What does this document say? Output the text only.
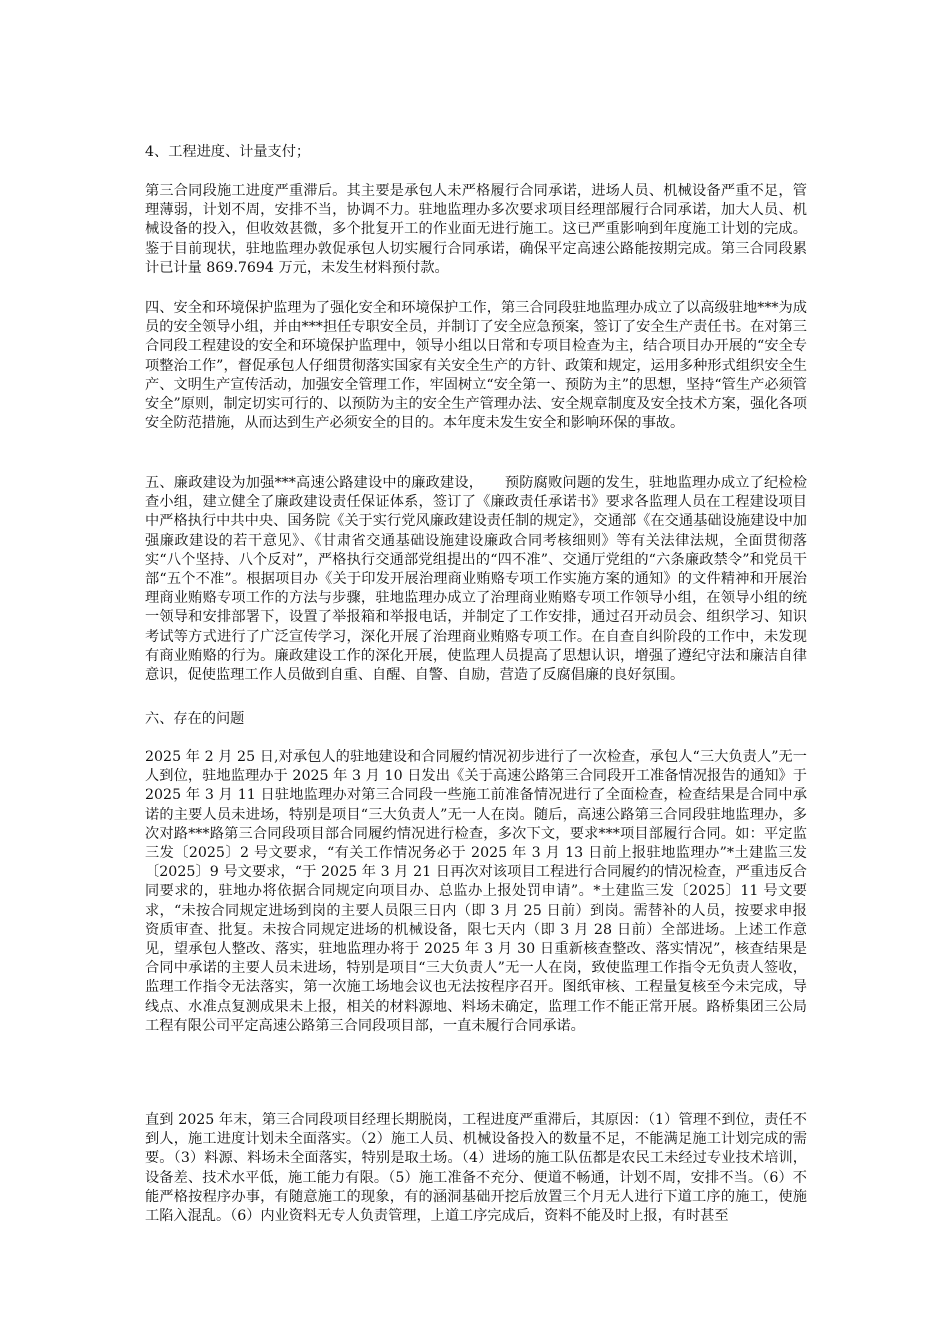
4、工程进度、计量支付；

第三合同段施工进度严重滞后。其主要是承包人未严格履行合同承诺，进场人员、机械设备严重不足，管理薄弱，计划不周，安排不当，协调不力。驻地监理办多次要求项目经理部履行合同承诺，加大人员、机械设备的投入，但收效甚微，多个批复开工的作业面无进行施工。这已严重影响到年度施工计划的完成。鉴于目前现状，驻地监理办敦促承包人切实履行合同承诺，确保平定高速公路能按期完成。第三合同段累计已计量 869.7694 万元，未发生材料预付款。

四、安全和环境保护监理为了强化安全和环境保护工作，第三合同段驻地监理办成立了以高级驻地***为成员的安全领导小组，并由***担任专职安全员，并制订了安全应急预案，签订了安全生产责任书。在对第三合同段工程建设的安全和环境保护监理中，领导小组以日常和专项目检查为主，结合项目办开展的“安全专项整治工作”，督促承包人仔细贯彻落实国家有关安全生产的方针、政策和规定，运用多种形式组织安全生产、文明生产宣传活动，加强安全管理工作，牢固树立“安全第一、预防为主”的思想，坚持“管生产必须管安全”原则，制定切实可行的、以预防为主的安全生产管理办法、安全规章制度及安全技术方案，强化各项安全防范措施，从而达到生产必须安全的目的。本年度未发生安全和影响环保的事故。

五、廉政建设为加强***高速公路建设中的廉政建设，　　预防腐败问题的发生，驻地监理办成立了纪检检查小组，建立健全了廉政建设责任保证体系，签订了《廉政责任承诺书》要求各监理人员在工程建设项目中严格执行中共中央、国务院《关于实行党风廉政建设责任制的规定》，交通部《在交通基础设施建设中加强廉政建设的若干意见》、《甘肃省交通基础设施建设廉政合同考核细则》等有关法律法规，全面贯彻落实“八个坚持、八个反对”，严格执行交通部党组提出的“四不准”、交通厅党组的“六条廉政禁令”和党员干部“五个不准”。根据项目办《关于印发开展治理商业贿赂专项工作实施方案的通知》的文件精神和开展治理商业贿赂专项工作的方法与步骤，驻地监理办成立了治理商业贿赂专项工作领导小组，在领导小组的统一领导和安排部署下，设置了举报箱和举报电话，并制定了工作安排，通过召开动员会、组织学习、知识考试等方式进行了广泛宣传学习，深化开展了治理商业贿赂专项工作。在自查自纠阶段的工作中，未发现有商业贿赂的行为。廉政建设工作的深化开展，使监理人员提高了思想认识，增强了遵纪守法和廉洁自律意识，促使监理工作人员做到自重、自醒、自警、自励，营造了反腐倡廉的良好氛围。

六、存在的问题

2025 年 2 月 25 日,对承包人的驻地建设和合同履约情况初步进行了一次检查，承包人“三大负责人”无一人到位，驻地监理办于 2025 年 3 月 10 日发出《关于高速公路第三合同段开工准备情况报告的通知》于 2025 年 3 月 11 日驻地监理办对第三合同段一些施工前准备情况进行了全面检查，检查结果是合同中承诺的主要人员未进场，特别是项目“三大负责人”无一人在岗。随后，高速公路第三合同段驻地监理办，多次对路***路第三合同段项目部合同履约情况进行检查，多次下文，要求***项目部履行合同。如：平定监三发〔2025〕2 号文要求，“有关工作情况务必于 2025 年 3 月 13 日前上报驻地监理办”*土建监三发〔2025〕9 号文要求，“于 2025 年 3 月 21 日再次对该项目工程进行合同履约的情况检查，严重违反合同要求的，驻地办将依据合同规定向项目办、总监办上报处罚申请”。*土建监三发〔2025〕11 号文要求，“未按合同规定进场到岗的主要人员限三日内（即 3 月 25 日前）到岗。需替补的人员，按要求申报资质审查、批复。未按合同规定进场的机械设备，限七天内（即 3 月 28 日前）全部进场。上述工作意见，望承包人整改、落实，驻地监理办将于 2025 年 3 月 30 日重新核查整改、落实情况”，核查结果是合同中承诺的主要人员未进场，特别是项目“三大负责人”无一人在岗，致使监理工作指令无负责人签收，监理工作指令无法落实，第一次施工场地会议也无法按程序召开。图纸审核、工程量复核至今未完成，导线点、水准点复测成果未上报，相关的材料源地、料场未确定，监理工作不能正常开展。路桥集团三公局工程有限公司平定高速公路第三合同段项目部，一直未履行合同承诺。

直到 2025 年末，第三合同段项目经理长期脱岗，工程进度严重滞后，其原因：（1）管理不到位，责任不到人，施工进度计划未全面落实。（2）施工人员、机械设备投入的数量不足，不能满足施工计划完成的需要。（3）料源、料场未全面落实，特别是取土场。（4）进场的施工队伍都是农民工未经过专业技术培训，设备差、技术水平低，施工能力有限。（5）施工准备不充分、便道不畅通，计划不周，安排不当。（6）不能严格按程序办事，有随意施工的现象，有的涵洞基础开挖后放置三个月无人进行下道工序的施工，使施工陷入混乱。（6）内业资料无专人负责管理，上道工序完成后，资料不能及时上报，有时甚至
